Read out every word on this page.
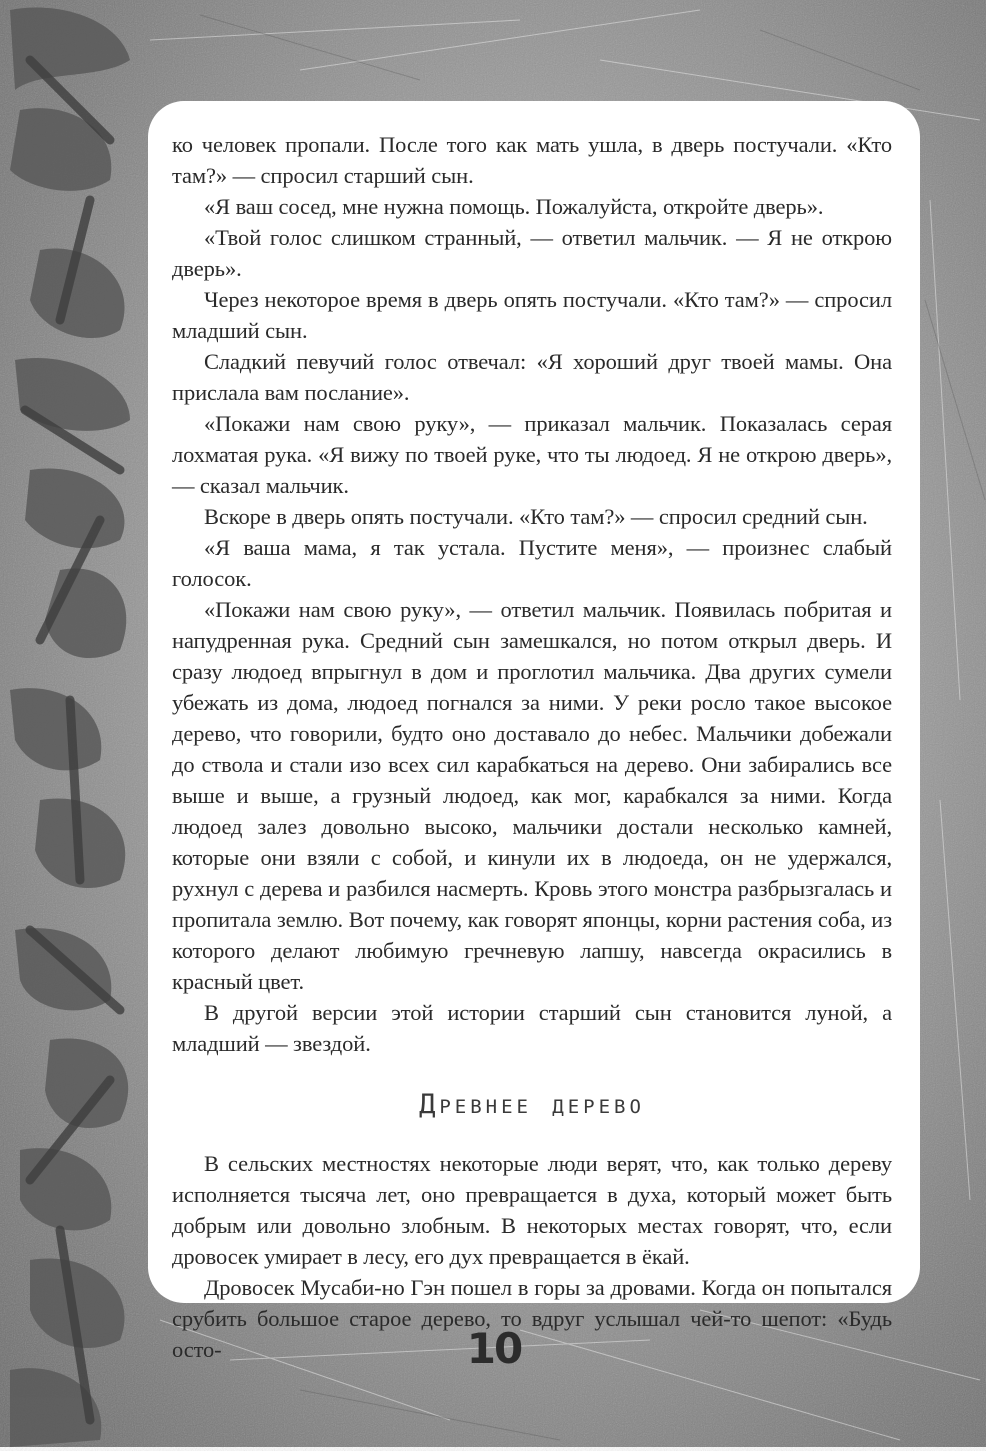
ко человек пропали. После того как мать ушла, в дверь постучали. «Кто там?» — спросил старший сын.

«Я ваш сосед, мне нужна помощь. Пожалуйста, откройте дверь».

«Твой голос слишком странный, — ответил мальчик. — Я не открою дверь».

Через некоторое время в дверь опять постучали. «Кто там?» — спросил младший сын.

Сладкий певучий голос отвечал: «Я хороший друг твоей мамы. Она прислала вам послание».

«Покажи нам свою руку», — приказал мальчик. Показалась серая лохматая рука. «Я вижу по твоей руке, что ты людоед. Я не открою дверь», — сказал мальчик.

Вскоре в дверь опять постучали. «Кто там?» — спросил средний сын.

«Я ваша мама, я так устала. Пустите меня», — произнес слабый голосок.

«Покажи нам свою руку», — ответил мальчик. Появилась побритая и напудренная рука. Средний сын замешкался, но потом открыл дверь. И сразу людоед впрыгнул в дом и проглотил мальчика. Два других сумели убежать из дома, людоед погнался за ними. У реки росло такое высокое дерево, что говорили, будто оно доставало до небес. Мальчики добежали до ствола и стали изо всех сил карабкаться на дерево. Они забирались все выше и выше, а грузный людоед, как мог, карабкался за ними. Когда людоед залез довольно высоко, мальчики достали несколько камней, которые они взяли с собой, и кинули их в людоеда, он не удержался, рухнул с дерева и разбился насмерть. Кровь этого монстра разбрызгалась и пропитала землю. Вот почему, как говорят японцы, корни растения соба, из которого делают любимую гречневую лапшу, навсегда окрасились в красный цвет.

В другой версии этой истории старший сын становится луной, а младший — звездой.

Древнее дерево

В сельских местностях некоторые люди верят, что, как только дереву исполняется тысяча лет, оно превращается в духа, который может быть добрым или довольно злобным. В некоторых местах говорят, что, если дровосек умирает в лесу, его дух превращается в ёкай.

Дровосек Мусаби-но Гэн пошел в горы за дровами. Когда он попытался срубить большое старое дерево, то вдруг услышал чей-то шепот: «Будь осто-	10
